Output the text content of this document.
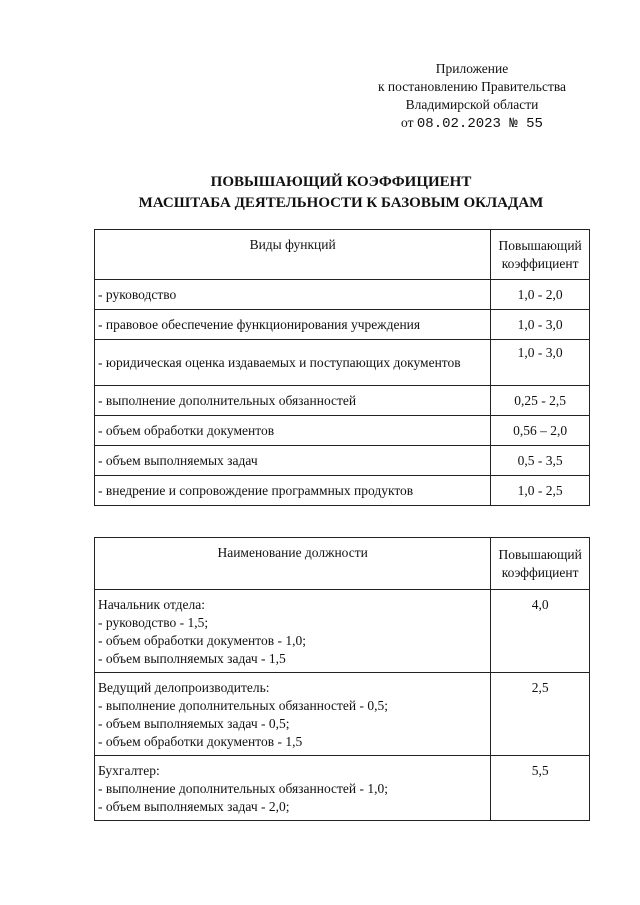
Приложение
к постановлению Правительства
Владимирской области
от 08.02.2023 № 55
ПОВЫШАЮЩИЙ КОЭФФИЦИЕНТ
МАСШТАБА ДЕЯТЕЛЬНОСТИ К БАЗОВЫМ ОКЛАДАМ
Виды функций	Повышающий коэффициент
- руководство	1,0 - 2,0
- правовое обеспечение функционирования учреждения	1,0 - 3,0
- юридическая оценка издаваемых и поступающих документов	1,0 - 3,0
- выполнение дополнительных обязанностей	0,25 - 2,5
- объем обработки документов	0,56 – 2,0
- объем выполняемых задач	0,5 - 3,5
- внедрение и сопровождение программных продуктов	1,0 - 2,5
Наименование должности	Повышающий коэффициент

Начальник отдела:
- руководство - 1,5;
- объем обработки документов - 1,0;
- объем выполняемых задач - 1,5	4,0

Ведущий делопроизводитель:
- выполнение дополнительных обязанностей - 0,5;
- объем выполняемых задач - 0,5;
- объем обработки документов - 1,5	2,5

Бухгалтер:
- выполнение дополнительных обязанностей - 1,0;
- объем выполняемых задач - 2,0;	5,5
